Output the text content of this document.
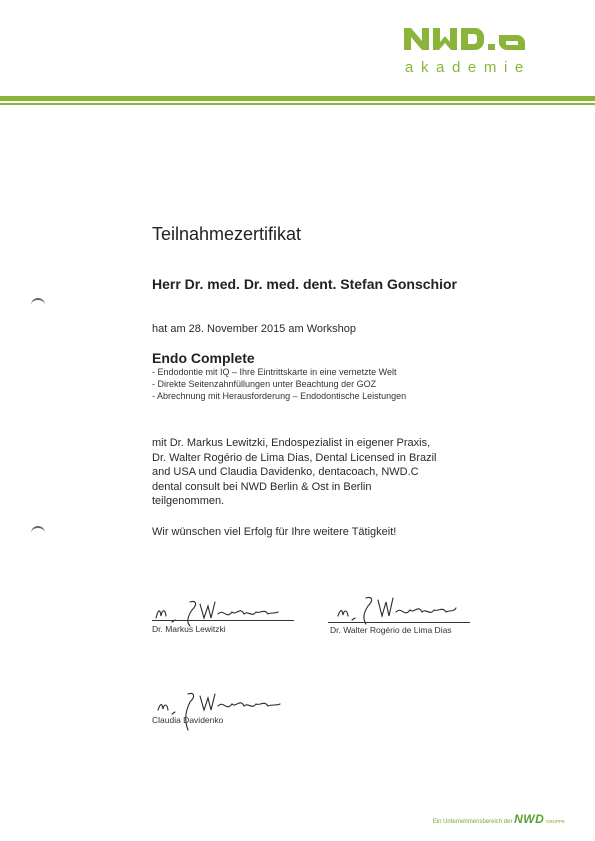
akademie
Teilnahmezertifikat
Herr Dr. med. Dr. med. dent. Stefan Gonschior
hat am 28. November 2015 am Workshop
Endo Complete
- Endodontie mit IQ – Ihre Eintrittskarte in eine vernetzte Welt
- Direkte Seitenzahnfüllungen unter Beachtung der GOZ
- Abrechnung mit Herausforderung – Endodontische Leistungen

mit Dr. Markus Lewitzki, Endospezialist in eigener Praxis, Dr. Walter Rogério de Lima Dias, Dental Licensed in Brazil and USA und Claudia Davidenko, dentacoach, NWD.C dental consult bei NWD Berlin & Ost in Berlin teilgenommen.

Wir wünschen viel Erfolg für Ihre weitere Tätigkeit!
Dr. Markus Lewitzki	Dr. Walter Rogério de Lima Dias
Claudia Davidenko
Ein Unternehmensbereich der NWD GRUPPE
